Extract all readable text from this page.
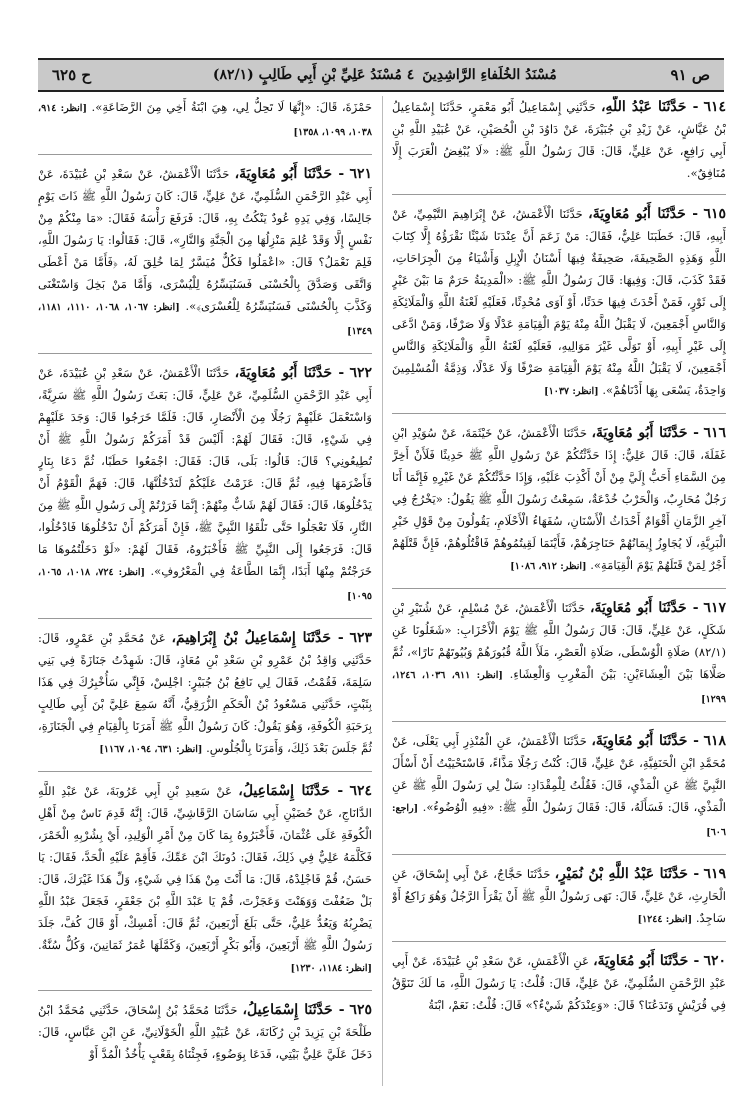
ص ٩١
مُسْنَدُ الخُلَفاءِ الرَّاشِدِينَ٤ مُسْنَدُ عَلِيِّ بْنِ أَبِي طَالِبٍ (٨٢/١)
ح ٦٢٥
٦١٤ - حَدَّثَنَا عَبْدُ اللَّهِ، حَدَّثَنِي إِسْمَاعِيلُ أَبُو مَعْمَرٍ، حَدَّثَنَا إِسْمَاعِيلُ بْنُ عَيَّاشٍ، عَنْ زَيْدِ بْنِ جُبَيْرَةَ، عَنْ دَاوُدَ بْنِ الْحُصَيْنِ، عَنْ عُبَيْدِ اللَّهِ بْنِ أَبِي رَافِعٍ، عَنْ عَلِيٍّ، قَالَ: قَالَ رَسُولُ اللَّهِ ﷺ: «لَا يُبْغِضُ الْعَرَبَ إِلَّا مُنَافِقٌ».
٦١٥ - حَدَّثَنَا أَبُو مُعَاوِيَةَ، حَدَّثَنَا الْأَعْمَشُ، عَنْ إِبْرَاهِيمَ التَّيْمِيِّ، عَنْ أَبِيهِ، قَالَ: خَطَبَنَا عَلِيٌّ، فَقَالَ: مَنْ زَعَمَ أَنَّ عِنْدَنَا شَيْئًا نَقْرَؤُهُ إِلَّا كِتَابَ اللَّهِ وَهَذِهِ الصَّحِيفَةَ، صَحِيفَةٌ فِيهَا أَسْنَانُ الْإِبِلِ وَأَشْيَاءُ مِنَ الْجِرَاحَاتِ، فَقَدْ كَذَبَ، قَالَ: وَفِيهَا: قَالَ رَسُولُ اللَّهِ ﷺ: «الْمَدِينَةُ حَرَمٌ مَا بَيْنَ عَيْرٍ إِلَى ثَوْرٍ، فَمَنْ أَحْدَثَ فِيهَا حَدَثًا، أَوْ آوَى مُحْدِثًا، فَعَلَيْهِ لَعْنَةُ اللَّهِ وَالْمَلَائِكَةِ وَالنَّاسِ أَجْمَعِينَ، لَا يَقْبَلُ اللَّهُ مِنْهُ يَوْمَ الْقِيَامَةِ عَدْلًا وَلَا صَرْفًا، وَمَنْ ادَّعَى إِلَى غَيْرِ أَبِيهِ، أَوْ تَوَلَّى غَيْرَ مَوَالِيهِ، فَعَلَيْهِ لَعْنَةُ اللَّهِ وَالْمَلَائِكَةِ وَالنَّاسِ أَجْمَعِينَ، لَا يَقْبَلُ اللَّهُ مِنْهُ يَوْمَ الْقِيَامَةِ صَرْفًا وَلَا عَدْلًا، وَذِمَّةُ الْمُسْلِمِينَ وَاحِدَةٌ، يَسْعَى بِهَا أَدْنَاهُمْ». [انظر: ١٠٣٧]
٦١٦ - حَدَّثَنَا أَبُو مُعَاوِيَةَ، حَدَّثَنَا الْأَعْمَشُ، عَنْ خَيْثَمَةَ، عَنْ سُوَيْدِ ابْنِ غَفَلَةَ، قَالَ: قَالَ عَلِيٌّ: إِذَا حَدَّثْتُكُمْ عَنْ رَسُولِ اللَّهِ ﷺ حَدِيثًا فَلَأَنْ أَخِرَّ مِنَ السَّمَاءِ أَحَبُّ إِلَيَّ مِنْ أَنْ أَكْذِبَ عَلَيْهِ، وَإِذَا حَدَّثْتُكُمْ عَنْ غَيْرِهِ فَإِنَّمَا أَنَا رَجُلٌ مُحَارِبٌ، وَالْحَرْبُ خُدْعَةٌ، سَمِعْتُ رَسُولَ اللَّهِ ﷺ يَقُولُ: «يَخْرُجُ فِي آخِرِ الزَّمَانِ أَقْوَامٌ أَحْدَاثُ الْأَسْنَانِ، سُفَهَاءُ الْأَحْلَامِ، يَقُولُونَ مِنْ قَوْلِ خَيْرِ الْبَرِيَّةِ، لَا يُجَاوِزُ إِيمَانُهُمْ حَنَاجِرَهُمْ، فَأَيْنَمَا لَقِيتُمُوهُمْ فَاقْتُلُوهُمْ، فَإِنَّ قَتْلَهُمْ أَجْرٌ لِمَنْ قَتَلَهُمْ يَوْمَ الْقِيَامَةِ». [انظر: ٩١٢، ١٠٨٦]
٦١٧ - حَدَّثَنَا أَبُو مُعَاوِيَةَ، حَدَّثَنَا الْأَعْمَشُ، عَنْ مُسْلِمٍ، عَنْ شُتَيْرِ بْنِ شَكَلٍ، عَنْ عَلِيٍّ، قَالَ: قَالَ رَسُولُ اللَّهِ ﷺ يَوْمَ الْأَحْزَابِ: «شَغَلُونَا عَنِ (٨٢/١) صَلَاةِ الْوُسْطَى، صَلَاةِ الْعَصْرِ، مَلَأَ اللَّهُ قُبُورَهُمْ وَبُيُوتَهُمْ نَارًا»، ثُمَّ صَلَّاهَا بَيْنَ الْعِشَاءَيْنِ: بَيْنَ الْمَغْرِبِ وَالْعِشَاءِ. [انظر: ٩١١، ١٠٣٦، ١٢٤٦، ١٢٩٩]
٦١٨ - حَدَّثَنَا أَبُو مُعَاوِيَةَ، حَدَّثَنَا الْأَعْمَشُ، عَنِ الْمُنْذِرِ أَبِي يَعْلَى، عَنْ مُحَمَّدِ ابْنِ الْحَنَفِيَّةِ، عَنْ عَلِيٍّ، قَالَ: كُنْتُ رَجُلًا مَذَّاءً، فَاسْتَحْيَيْتُ أَنْ أَسْأَلَ النَّبِيَّ ﷺ عَنِ الْمَذْيِ، قَالَ: فَقُلْتُ لِلْمِقْدَادِ: سَلْ لِي رَسُولَ اللَّهِ ﷺ عَنِ الْمَذْيِ، قَالَ: فَسَأَلَهُ، قَالَ: فَقَالَ رَسُولُ اللَّهِ ﷺ: «فِيهِ الْوُضُوءُ». [راجع: ٦٠٦]
٦١٩ - حَدَّثَنَا عَبْدُ اللَّهِ بْنُ نُمَيْرٍ، حَدَّثَنَا حَجَّاجٌ، عَنْ أَبِي إِسْحَاقَ، عَنِ الْحَارِثِ، عَنْ عَلِيٍّ، قَالَ: نَهَى رَسُولُ اللَّهِ ﷺ أَنْ يَقْرَأَ الرَّجُلُ وَهُوَ رَاكِعٌ أَوْ سَاجِدٌ. [انظر: ١٢٤٤]
٦٢٠ - حَدَّثَنَا أَبُو مُعَاوِيَةَ، عَنِ الْأَعْمَشِ، عَنْ سَعْدِ بْنِ عُبَيْدَةَ، عَنْ أَبِي عَبْدِ الرَّحْمَنِ السُّلَمِيِّ، عَنْ عَلِيٍّ، قَالَ: قُلْتُ: يَا رَسُولَ اللَّهِ، مَا لَكَ تَنَوَّقُ فِي قُرَيْشٍ وَتَدَعُنَا؟ قَالَ: «وَعِنْدَكُمْ شَيْءٌ؟» قَالَ: قُلْتُ: نَعَمْ، ابْنَةُ
حَمْزَةَ، قَالَ: «إِنَّهَا لَا تَحِلُّ لِي، هِيَ ابْنَةُ أَخِي مِنَ الرَّضَاعَةِ». [انظر: ٩١٤، ١٠٣٨، ١٠٩٩، ١٣٥٨]
٦٢١ - حَدَّثَنَا أَبُو مُعَاوِيَةَ، حَدَّثَنَا الْأَعْمَشُ، عَنْ سَعْدِ بْنِ عُبَيْدَةَ، عَنْ أَبِي عَبْدِ الرَّحْمَنِ السُّلَمِيِّ، عَنْ عَلِيٍّ، قَالَ: كَانَ رَسُولُ اللَّهِ ﷺ ذَاتَ يَوْمٍ جَالِسًا، وَفِي يَدِهِ عُودٌ يَنْكُتُ بِهِ، قَالَ: فَرَفَعَ رَأْسَهُ فَقَالَ: «مَا مِنْكُمْ مِنْ نَفْسٍ إِلَّا وَقَدْ عُلِمَ مَنْزِلُهَا مِنَ الْجَنَّةِ وَالنَّارِ»، قَالَ: فَقَالُوا: يَا رَسُولَ اللَّهِ، فَلِمَ نَعْمَلُ؟ قَالَ: «اعْمَلُوا فَكُلٌّ مُيَسَّرٌ لِمَا خُلِقَ لَهُ، ﴿فَأَمَّا مَنْ أَعْطَى وَاتَّقَى وَصَدَّقَ بِالْحُسْنَى فَسَنُيَسِّرُهُ لِلْيُسْرَى، وَأَمَّا مَنْ بَخِلَ وَاسْتَغْنَى وَكَذَّبَ بِالْحُسْنَى فَسَنُيَسِّرُهُ لِلْعُسْرَى﴾». [انظر: ١٠٦٧، ١٠٦٨، ١١١٠، ١١٨١، ١٣٤٩]
٦٢٢ - حَدَّثَنَا أَبُو مُعَاوِيَةَ، حَدَّثَنَا الْأَعْمَشُ، عَنْ سَعْدِ بْنِ عُبَيْدَةَ، عَنْ أَبِي عَبْدِ الرَّحْمَنِ السُّلَمِيِّ، عَنْ عَلِيٍّ، قَالَ: بَعَثَ رَسُولُ اللَّهِ ﷺ سَرِيَّةً، وَاسْتَعْمَلَ عَلَيْهِمْ رَجُلًا مِنَ الْأَنْصَارِ، قَالَ: فَلَمَّا خَرَجُوا قَالَ: وَجَدَ عَلَيْهِمْ فِي شَيْءٍ، قَالَ: فَقَالَ لَهُمْ: أَلَيْسَ قَدْ أَمَرَكُمْ رَسُولُ اللَّهِ ﷺ أَنْ تُطِيعُونِي؟ قَالَ: قَالُوا: بَلَى، قَالَ: فَقَالَ: اجْمَعُوا حَطَبًا، ثُمَّ دَعَا بِنَارٍ فَأَضْرَمَهَا فِيهِ، ثُمَّ قَالَ: عَزَمْتُ عَلَيْكُمْ لَتَدْخُلُنَّهَا، قَالَ: فَهَمَّ الْقَوْمُ أَنْ يَدْخُلُوهَا، قَالَ: فَقَالَ لَهُمْ شَابٌّ مِنْهُمْ: إِنَّمَا فَرَرْتُمْ إِلَى رَسُولِ اللَّهِ ﷺ مِنَ النَّارِ، فَلَا تَعْجَلُوا حَتَّى تَلْقَوُا النَّبِيَّ ﷺ، فَإِنْ أَمَرَكُمْ أَنْ تَدْخُلُوهَا فَادْخُلُوا، قَالَ: فَرَجَعُوا إِلَى النَّبِيِّ ﷺ فَأَخْبَرُوهُ، فَقَالَ لَهُمْ: «لَوْ دَخَلْتُمُوهَا مَا خَرَجْتُمْ مِنْهَا أَبَدًا، إِنَّمَا الطَّاعَةُ فِي الْمَعْرُوفِ». [انظر: ٧٢٤، ١٠١٨، ١٠٦٥، ١٠٩٥]
٦٢٣ - حَدَّثَنَا إِسْمَاعِيلُ بْنُ إِبْرَاهِيمَ، عَنْ مُحَمَّدِ بْنِ عَمْرٍو، قَالَ: حَدَّثَنِي وَاقِدُ بْنُ عَمْرِو بْنِ سَعْدِ بْنِ مُعَاذٍ، قَالَ: شَهِدْتُ جَنَازَةً فِي بَنِي سَلِمَةَ، فَقُمْتُ، فَقَالَ لِي نَافِعُ بْنُ جُبَيْرٍ: اجْلِسْ، فَإِنِّي سَأُخْبِرُكَ فِي هَذَا بِثَبْتٍ، حَدَّثَنِي مَسْعُودُ بْنُ الْحَكَمِ الزُّرَقِيُّ، أَنَّهُ سَمِعَ عَلِيَّ بْنَ أَبِي طَالِبٍ بِرَحَبَةِ الْكُوفَةِ، وَهُوَ يَقُولُ: كَانَ رَسُولُ اللَّهِ ﷺ أَمَرَنَا بِالْقِيَامِ فِي الْجَنَازَةِ، ثُمَّ جَلَسَ بَعْدَ ذَلِكَ، وَأَمَرَنَا بِالْجُلُوسِ. [انظر: ٦٣١، ١٠٩٤، ١١٦٧]
٦٢٤ - حَدَّثَنَا إِسْمَاعِيلُ، عَنْ سَعِيدِ بْنِ أَبِي عَرُوبَةَ، عَنْ عَبْدِ اللَّهِ الدَّانَاجِ، عَنْ حُضَيْنِ أَبِي سَاسَانَ الرَّقَاشِيِّ، قَالَ: إِنَّهُ قَدِمَ نَاسٌ مِنْ أَهْلِ الْكُوفَةِ عَلَى عُثْمَانَ، فَأَخْبَرُوهُ بِمَا كَانَ مِنْ أَمْرِ الْوَلِيدِ، أَيْ بِشُرْبِهِ الْخَمْرَ، فَكَلَّمَهُ عَلِيٌّ فِي ذَلِكَ، فَقَالَ: دُونَكَ ابْنَ عَمِّكَ، فَأَقِمْ عَلَيْهِ الْحَدَّ، فَقَالَ: يَا حَسَنُ، قُمْ فَاجْلِدْهُ، قَالَ: مَا أَنْتَ مِنْ هَذَا فِي شَيْءٍ، وَلِّ هَذَا غَيْرَكَ، قَالَ: بَلْ ضَعُفْتَ وَوَهَنْتَ وَعَجَزْتَ، قُمْ يَا عَبْدَ اللَّهِ بْنَ جَعْفَرٍ، فَجَعَلَ عَبْدُ اللَّهِ يَضْرِبُهُ وَيَعُدُّ عَلِيٌّ، حَتَّى بَلَغَ أَرْبَعِينَ، ثُمَّ قَالَ: أَمْسِكْ، أَوْ قَالَ كُفَّ، جَلَدَ رَسُولُ اللَّهِ ﷺ أَرْبَعِينَ، وَأَبُو بَكْرٍ أَرْبَعِينَ، وَكَمَّلَهَا عُمَرُ ثَمَانِينَ، وَكُلٌّ سُنَّةٌ. [انظر: ١١٨٤، ١٢٣٠]
٦٢٥ - حَدَّثَنَا إِسْمَاعِيلُ، حَدَّثَنَا مُحَمَّدُ بْنُ إِسْحَاقَ، حَدَّثَنِي مُحَمَّدُ ابْنُ طَلْحَةَ بْنِ يَزِيدَ بْنِ رُكَانَةَ، عَنْ عُبَيْدِ اللَّهِ الْخَوْلَانِيِّ، عَنِ ابْنِ عَبَّاسٍ، قَالَ: دَخَلَ عَلَيَّ عَلِيٌّ بَيْتِي، فَدَعَا بِوَضُوءٍ، فَجِئْنَاهُ بِقَعْبٍ يَأْخُذُ الْمُدَّ أَوْ
